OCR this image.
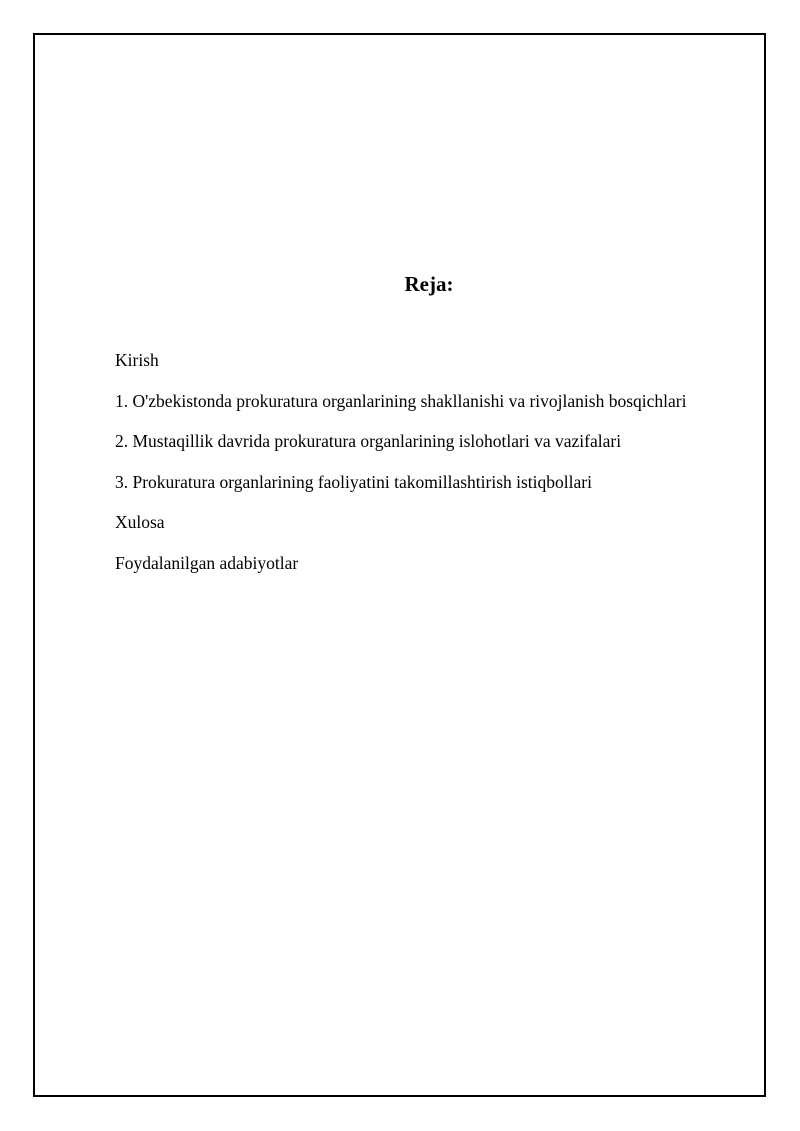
Reja:
Kirish
1. O'zbekistonda prokuratura organlarining shakllanishi va rivojlanish bosqichlari
2. Mustaqillik davrida prokuratura organlarining islohotlari va vazifalari
3. Prokuratura organlarining faoliyatini takomillashtirish istiqbollari
Xulosa
Foydalanilgan adabiyotlar
